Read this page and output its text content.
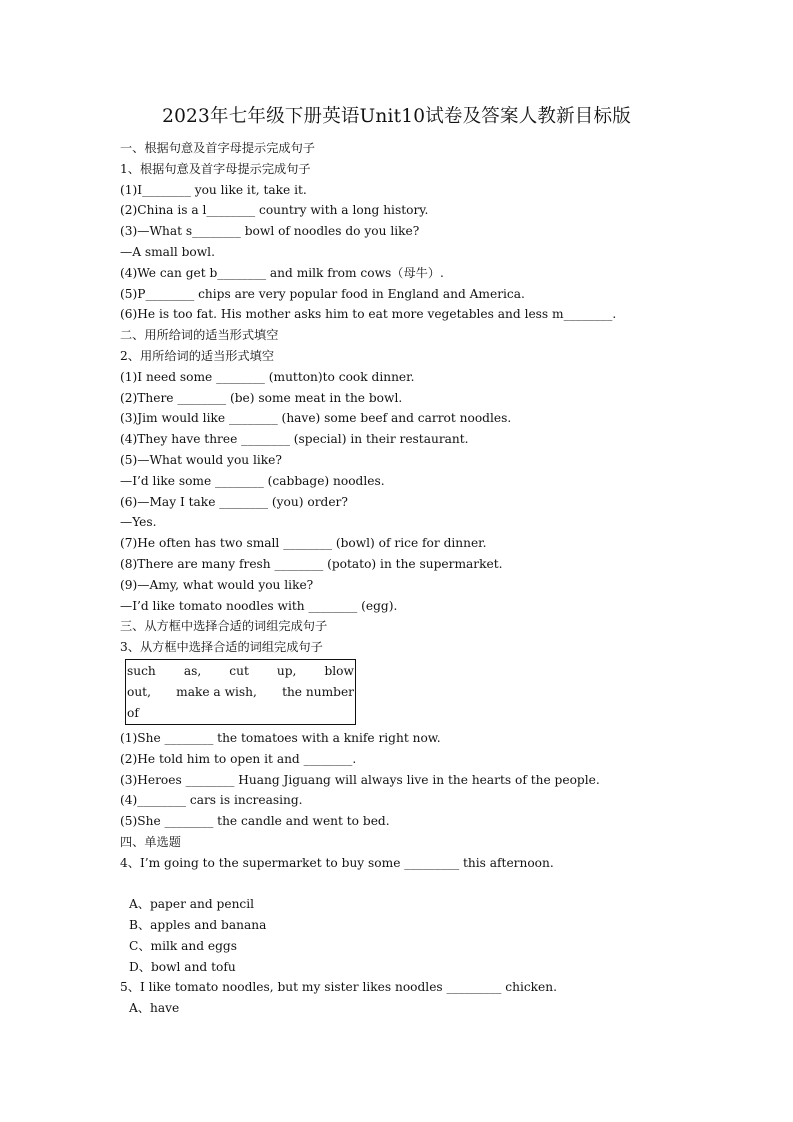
2023年七年级下册英语Unit10试卷及答案人教新目标版
一、根据句意及首字母提示完成句子
1、根据句意及首字母提示完成句子
(1)I________ you like it, take it.
(2)China is a l________ country with a long history.
(3)—What s________ bowl of noodles do you like?
—A small bowl.
(4)We can get b________ and milk from cows（母牛）.
(5)P________ chips are very popular food in England and America.
(6)He is too fat. His mother asks him to eat more vegetables and less m________.
二、用所给词的适当形式填空
2、用所给词的适当形式填空
(1)I need some ________ (mutton)to cook dinner.
(2)There ________ (be) some meat in the bowl.
(3)Jim would like ________ (have) some beef and carrot noodles.
(4)They have three ________ (special) in their restaurant.
(5)—What would you like?
—I’d like some ________ (cabbage) noodles.
(6)—May I take ________ (you) order?
—Yes.
(7)He often has two small ________ (bowl) of rice for dinner.
(8)There are many fresh ________ (potato) in the supermarket.
(9)—Amy, what would you like?
—I’d like tomato noodles with ________ (egg).
三、从方框中选择合适的词组完成句子
3、从方框中选择合适的词组完成句子
such as, cut up, blow
out, make a wish, the number
of
(1)She ________ the tomatoes with a knife right now.
(2)He told him to open it and ________.
(3)Heroes ________ Huang Jiguang will always live in the hearts of the people.
(4)________ cars is increasing.
(5)She ________ the candle and went to bed.
四、单选题
4、I’m going to the supermarket to buy some _________ this afternoon.
A、paper and pencil
B、apples and banana
C、milk and eggs
D、bowl and tofu
5、I like tomato noodles, but my sister likes noodles _________ chicken.
A、have
